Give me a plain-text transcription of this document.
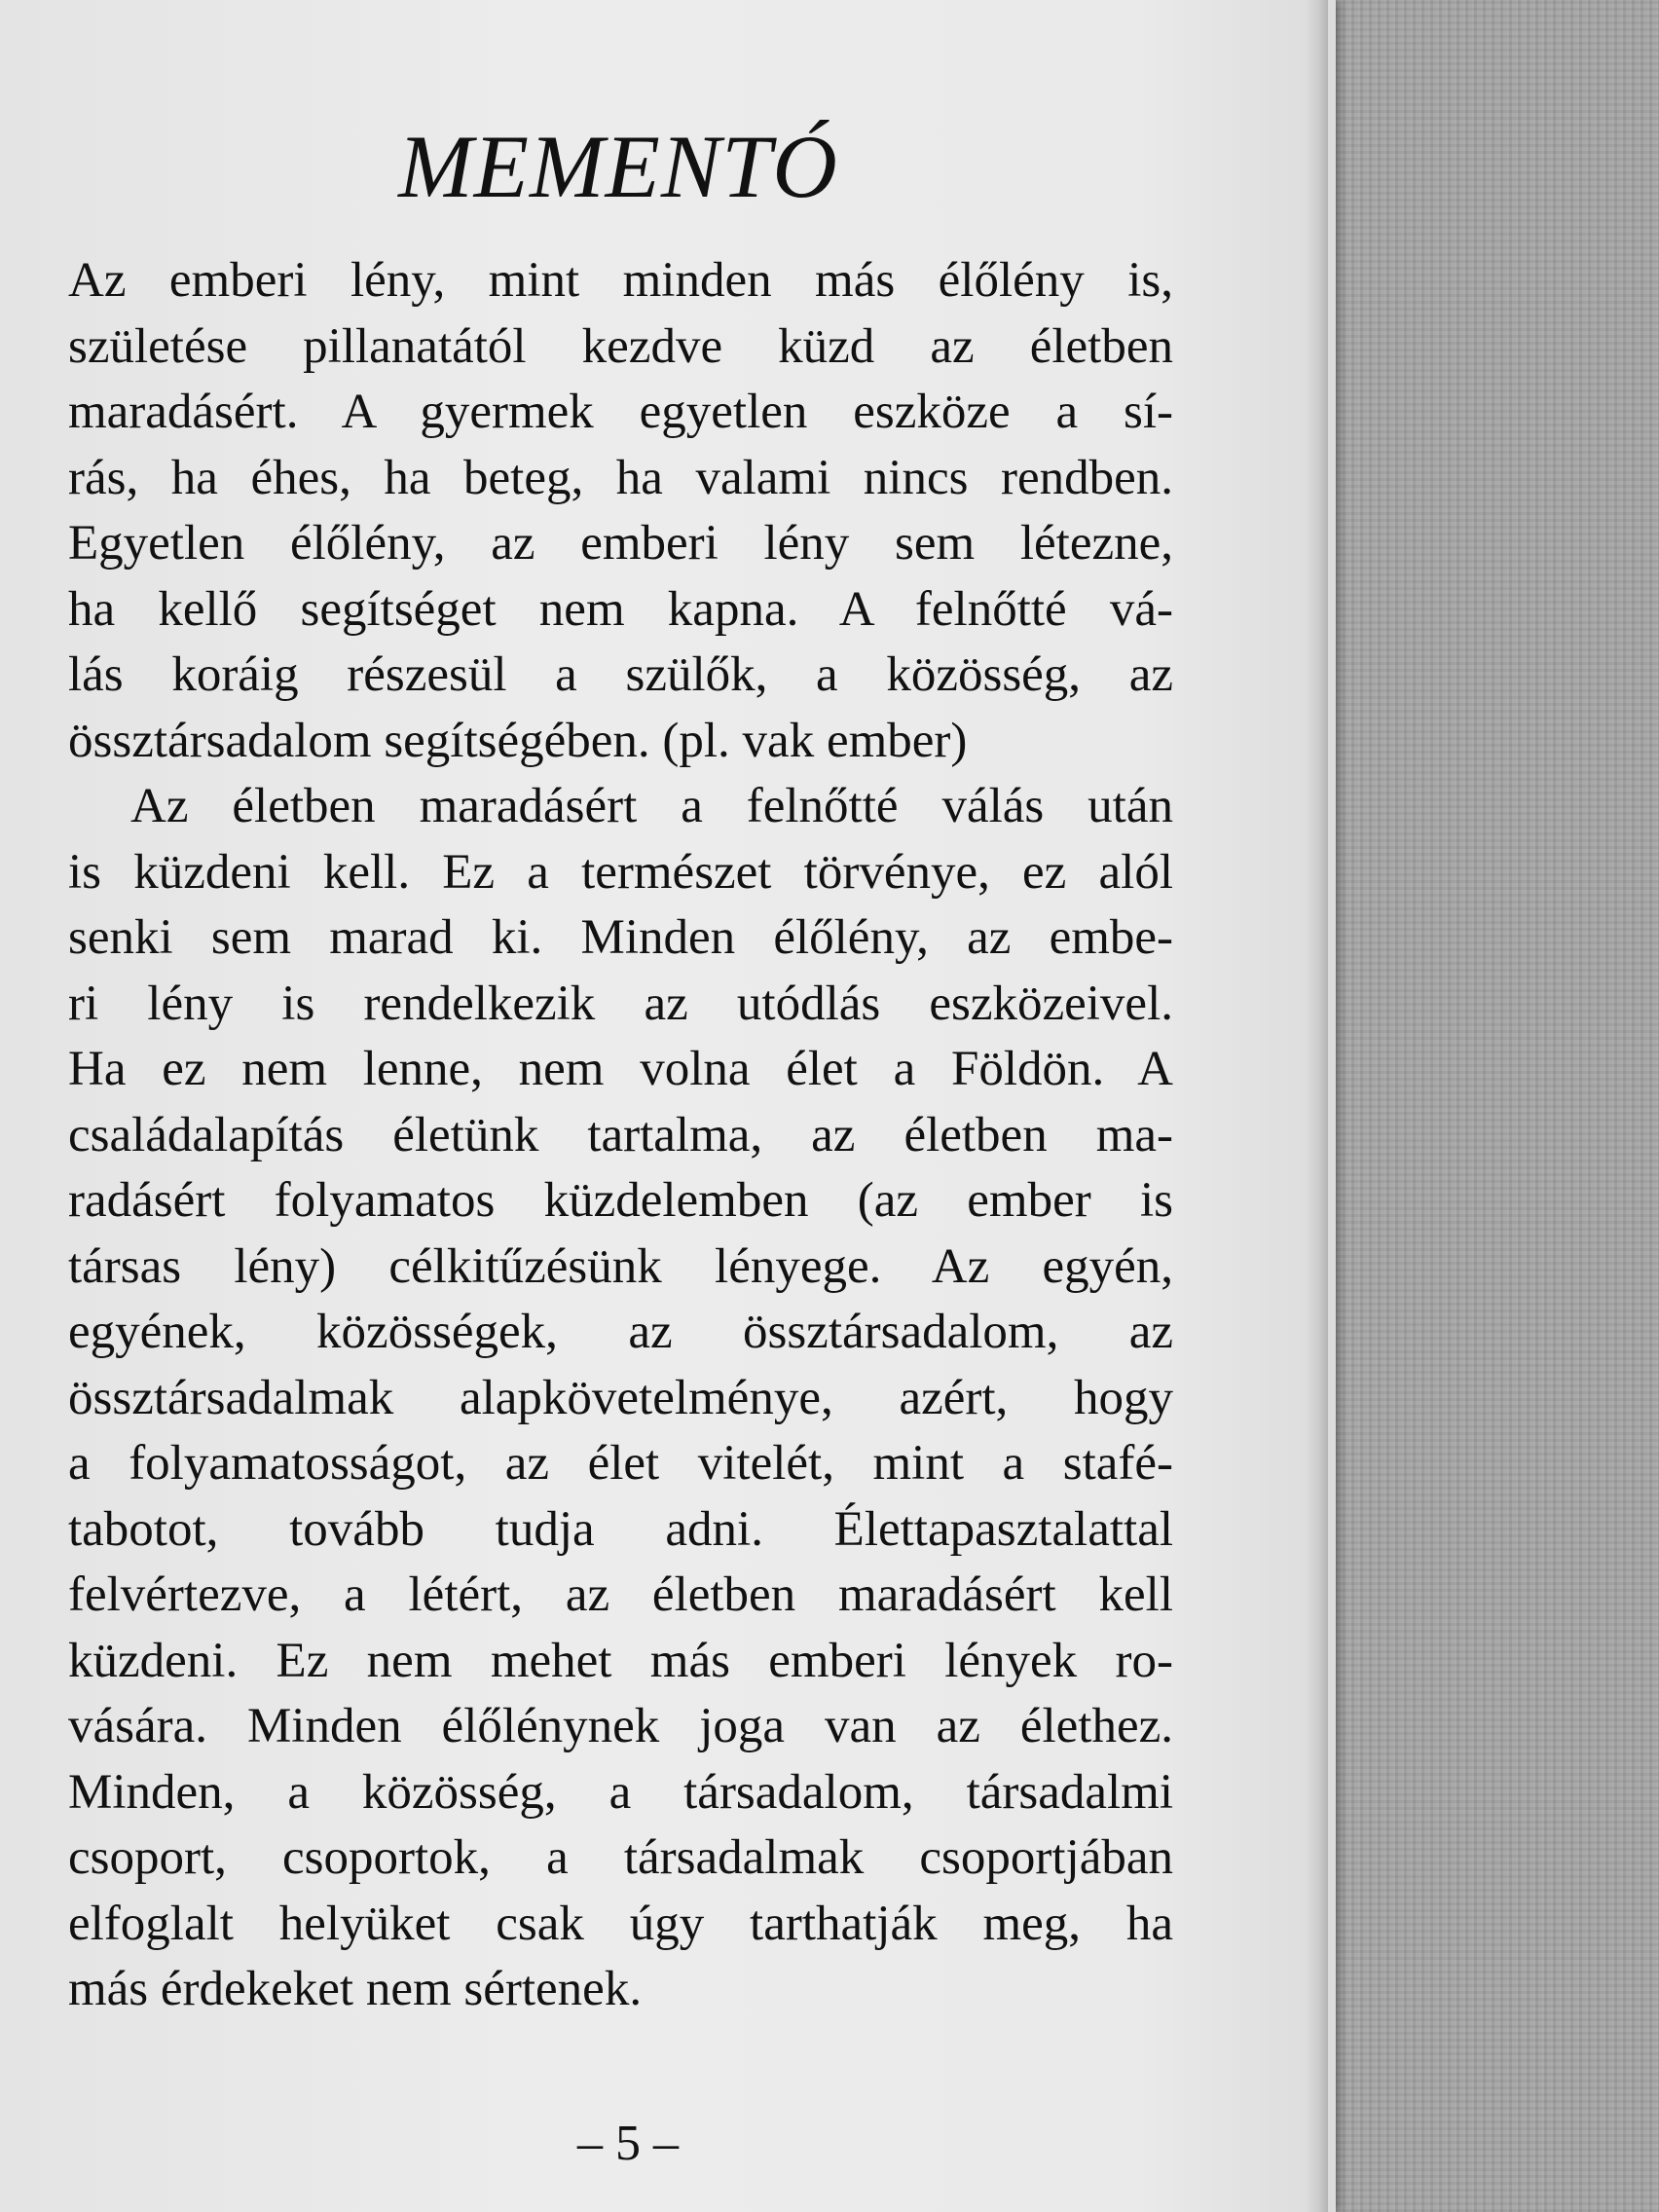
MEMENTÓ
Az emberi lény, mint minden más élőlény is,
születése pillanatától kezdve küzd az életben
maradásért. A gyermek egyetlen eszköze a sí-
rás, ha éhes, ha beteg, ha valami nincs rendben.
Egyetlen élőlény, az emberi lény sem létezne,
ha kellő segítséget nem kapna. A felnőtté vá-
lás koráig részesül a szülők, a közösség, az
össztársadalom segítségében. (pl. vak ember)
Az életben maradásért a felnőtté válás után
is küzdeni kell. Ez a természet törvénye, ez alól
senki sem marad ki. Minden élőlény, az embe-
ri lény is rendelkezik az utódlás eszközeivel.
Ha ez nem lenne, nem volna élet a Földön. A
családalapítás életünk tartalma, az életben ma-
radásért folyamatos küzdelemben (az ember is
társas lény) célkitűzésünk lényege. Az egyén,
egyének, közösségek, az össztársadalom, az
össztársadalmak alapkövetelménye, azért, hogy
a folyamatosságot, az élet vitelét, mint a stafé-
tabotot, tovább tudja adni. Élettapasztalattal
felvértezve, a létért, az életben maradásért kell
küzdeni. Ez nem mehet más emberi lények ro-
vására. Minden élőlénynek joga van az élethez.
Minden, a közösség, a társadalom, társadalmi
csoport, csoportok, a társadalmak csoportjában
elfoglalt helyüket csak úgy tarthatják meg, ha
más érdekeket nem sértenek.
– 5 –
